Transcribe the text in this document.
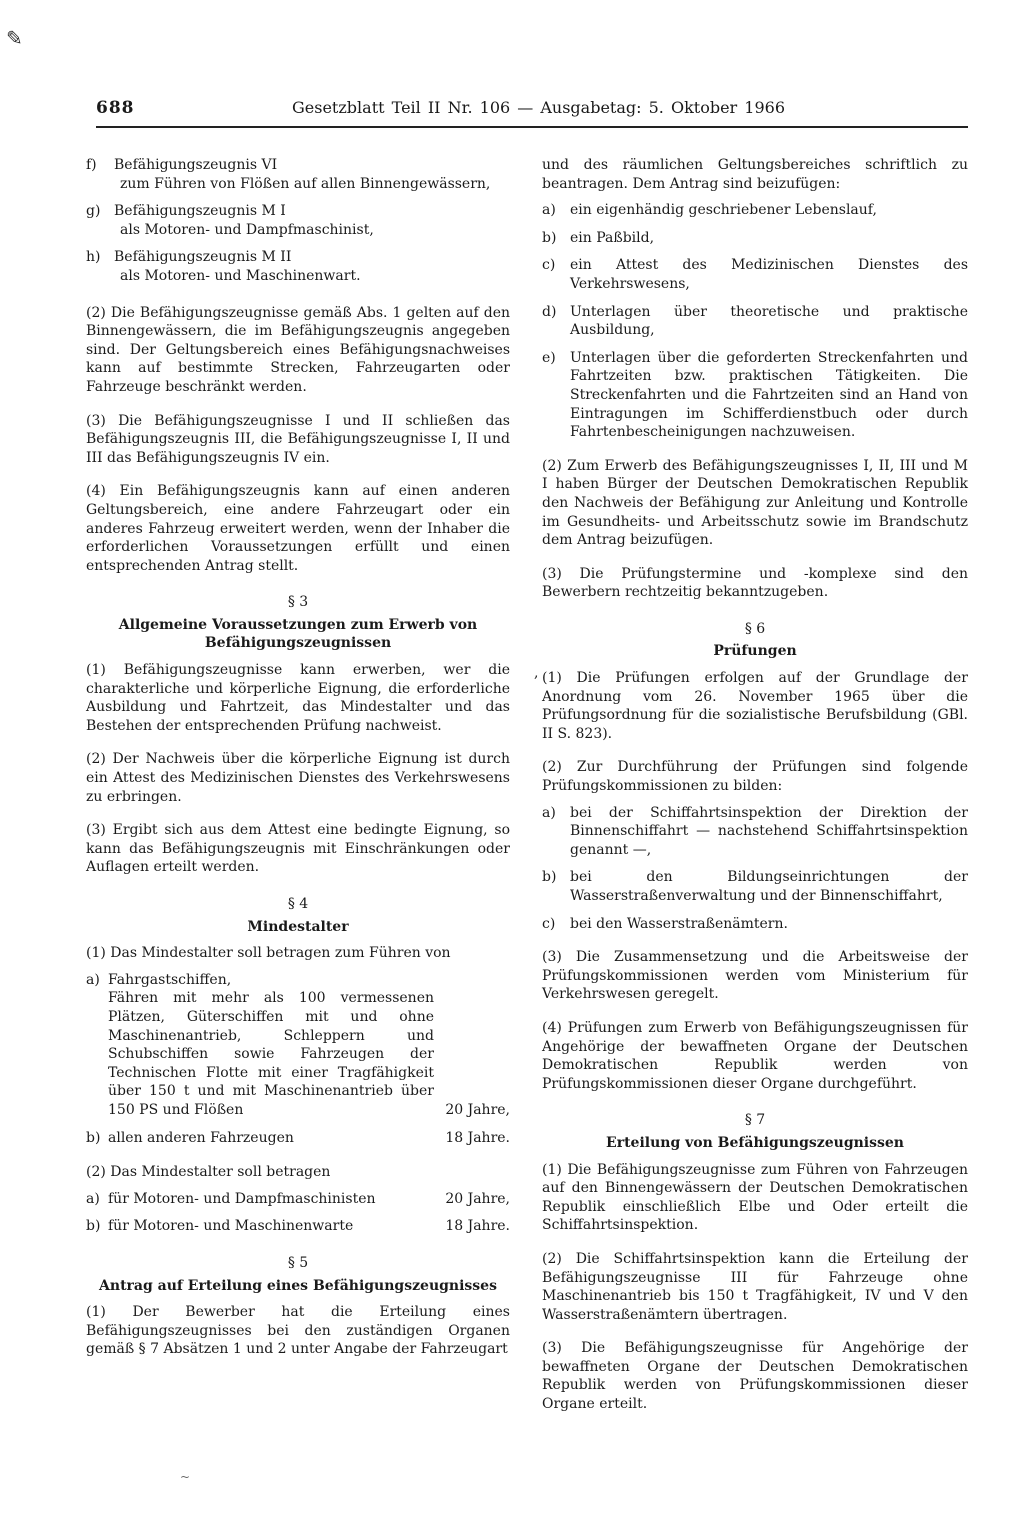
✎
688	Gesetzblatt Teil II Nr. 106 — Ausgabetag: 5. Oktober 1966
f)	Befähigungszeugnis VI
zum Führen von Flößen auf allen Binnengewässern,
g) Befähigungszeugnis M I
als Motoren- und Dampfmaschinist,
h) Befähigungszeugnis M II
als Motoren- und Maschinenwart.

(2) Die Befähigungszeugnisse gemäß Abs. 1 gelten auf den Binnengewässern, die im Befähigungszeugnis angegeben sind. Der Geltungsbereich eines Befähigungsnachweises kann auf bestimmte Strecken, Fahrzeugarten oder Fahrzeuge beschränkt werden.

(3) Die Befähigungszeugnisse I und II schließen das Befähigungszeugnis III, die Befähigungszeugnisse I, II und III das Befähigungszeugnis IV ein.

(4) Ein Befähigungszeugnis kann auf einen anderen Geltungsbereich, eine andere Fahrzeugart oder ein anderes Fahrzeug erweitert werden, wenn der Inhaber die erforderlichen Voraussetzungen erfüllt und einen entsprechenden Antrag stellt.

§ 3
Allgemeine Voraussetzungen zum Erwerb von Befähigungszeugnissen

(1) Befähigungszeugnisse kann erwerben, wer die charakterliche und körperliche Eignung, die erforderliche Ausbildung und Fahrtzeit, das Mindestalter und das Bestehen der entsprechenden Prüfung nachweist.

(2) Der Nachweis über die körperliche Eignung ist durch ein Attest des Medizinischen Dienstes des Verkehrswesens zu erbringen.

(3) Ergibt sich aus dem Attest eine bedingte Eignung, so kann das Befähigungszeugnis mit Einschränkungen oder Auflagen erteilt werden.

§ 4
Mindestalter

(1) Das Mindestalter soll betragen zum Führen von

a) Fahrgastschiffen,
Fähren mit mehr als 100 vermessenen Plätzen, Güterschiffen mit und ohne Maschinenantrieb, Schleppern und Schubschiffen sowie Fahrzeugen der Technischen Flotte mit einer Tragfähigkeit über 150 t und mit Maschinenantrieb über 150 PS und Flößen	20 Jahre,
b) allen anderen Fahrzeugen	18 Jahre.

(2) Das Mindestalter soll betragen

a) für Motoren- und Dampfmaschinisten	20 Jahre,
b) für Motoren- und Maschinenwarte	18 Jahre.
§ 5
Antrag auf Erteilung eines Befähigungszeugnisses

(1) Der Bewerber hat die Erteilung eines Befähigungszeugnisses bei den zuständigen Organen gemäß § 7 Absätzen 1 und 2 unter Angabe der Fahrzeugart

und des räumlichen Geltungsbereiches schriftlich zu beantragen. Dem Antrag sind beizufügen:

a)	ein eigenhändig geschriebener Lebenslauf,
b) ein Paßbild,
c)	ein Attest des Medizinischen Dienstes des Verkehrswesens,
d) Unterlagen über theoretische und praktische Ausbildung,
e)	Unterlagen über die geforderten Streckenfahrten und Fahrtzeiten bzw. praktischen Tätigkeiten. Die Streckenfahrten und die Fahrtzeiten sind an Hand von Eintragungen im Schifferdienstbuch oder durch Fahrtenbescheinigungen nachzuweisen.

(2) Zum Erwerb des Befähigungszeugnisses I, II, III und M I haben Bürger der Deutschen Demokratischen Republik den Nachweis der Befähigung zur Anleitung und Kontrolle im Gesundheits- und Arbeitsschutz sowie im Brandschutz dem Antrag beizufügen.

(3) Die Prüfungstermine und -komplexe sind den Bewerbern rechtzeitig bekanntzugeben.

§ 6
Prüfungen

(1) Die Prüfungen erfolgen auf der Grundlage der Anordnung vom 26. November 1965 über die Prüfungsordnung für die sozialistische Berufsbildung (GBl. II S. 823).

(2) Zur Durchführung der Prüfungen sind folgende Prüfungskommissionen zu bilden:

a)	bei der Schiffahrtsinspektion der Direktion der Binnenschiffahrt — nachstehend Schiffahrtsinspektion genannt —,
b) bei den Bildungseinrichtungen der Wasserstraßenverwaltung und der Binnenschiffahrt,
c)	bei den Wasserstraßenämtern.

(3) Die Zusammensetzung und die Arbeitsweise der Prüfungskommissionen werden vom Ministerium für Verkehrswesen geregelt.

(4) Prüfungen zum Erwerb von Befähigungszeugnissen für Angehörige der bewaffneten Organe der Deutschen Demokratischen Republik werden von Prüfungskommissionen dieser Organe durchgeführt.

§ 7
Erteilung von Befähigungszeugnissen

(1) Die Befähigungszeugnisse zum Führen von Fahrzeugen auf den Binnengewässern der Deutschen Demokratischen Republik einschließlich Elbe und Oder erteilt die Schiffahrtsinspektion.

(2) Die Schiffahrtsinspektion kann die Erteilung der Befähigungszeugnisse III für Fahrzeuge ohne Maschinenantrieb bis 150 t Tragfähigkeit, IV und V den Wasserstraßenämtern übertragen.

(3) Die Befähigungszeugnisse für Angehörige der bewaffneten Organe der Deutschen Demokratischen Republik werden von Prüfungskommissionen dieser Organe erteilt.

,
~
